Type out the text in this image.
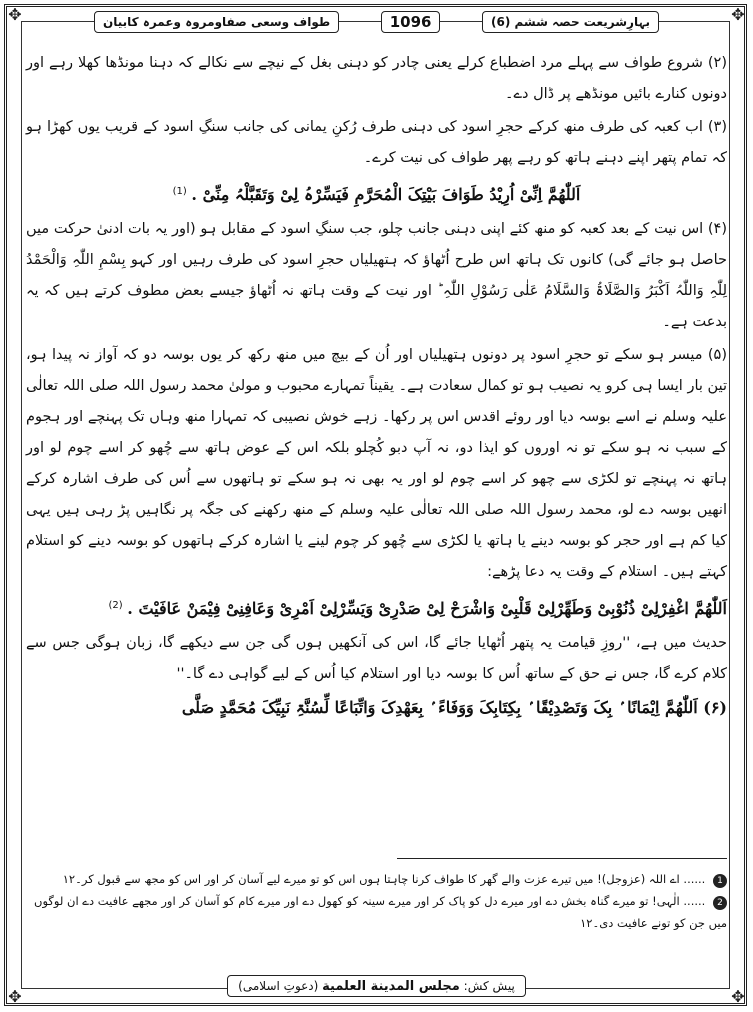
✥	✥
✥	✥
بہارِشریعت حصہ ششم (6)
1096
طواف وسعی صفاومروہ وعمرہ کابیان

(۲) شروع طواف سے پہلے مرد اضطباع کرلے یعنی چادر کو دہنی بغل کے نیچے سے نکالے کہ دہنا مونڈھا کھلا رہے اور دونوں کنارے بائیں مونڈھے پر ڈال دے۔

(۳) اب کعبہ کی طرف منھ کرکے حجرِ اسود کی دہنی طرف رُکنِ یمانی کی جانب سنگِ اسود کے قریب یوں کھڑا ہو کہ تمام پتھر اپنے دہنے ہاتھ کو رہے پھر طواف کی نیت کرے۔

اَللّٰھُمَّ اِنِّیْ اُرِیْدُ طَوَافَ بَیْتِکَ الْمُحَرَّمِ فَیَسِّرْہُ لِیْ وَتَقَبَّلْہُ مِنِّیْ . $^{(1)}$

(۴) اس نیت کے بعد کعبہ کو منھ کئے اپنی دہنی جانب چلو، جب سنگِ اسود کے مقابل ہو (اور یہ بات ادنیٰ حرکت میں حاصل ہو جائے گی) کانوں تک ہاتھ اس طرح اُٹھاؤ کہ ہتھیلیاں حجرِ اسود کی طرف رہیں اور کہو بِسْمِ اللّٰہِ وَالْحَمْدُ لِلّٰہِ وَاللّٰہُ اَکْبَرُ وَالصَّلَاۃُ وَالسَّلَامُ عَلٰی رَسُوْلِ اللّٰہِ ؕ اور نیت کے وقت ہاتھ نہ اُٹھاؤ جیسے بعض مطوف کرتے ہیں کہ یہ بدعت ہے۔

(۵) میسر ہو سکے تو حجرِ اسود پر دونوں ہتھیلیاں اور اُن کے بیچ میں منھ رکھ کر یوں بوسہ دو کہ آواز نہ پیدا ہو، تین بار ایسا ہی کرو یہ نصیب ہو تو کمال سعادت ہے۔ یقیناً تمہارے محبوب و مولیٰ محمد رسول اللہ صلی اللہ تعالٰی علیہ وسلم نے اسے بوسہ دیا اور روئے اقدس اس پر رکھا۔ زہے خوش نصیبی کہ تمہارا منھ وہاں تک پہنچے اور ہجوم کے سبب نہ ہو سکے تو نہ اوروں کو ایذا دو، نہ آپ دبو کُچلو بلکہ اس کے عوض ہاتھ سے چُھو کر اسے چوم لو اور ہاتھ نہ پہنچے تو لکڑی سے چھو کر اسے چوم لو اور یہ بھی نہ ہو سکے تو ہاتھوں سے اُس کی طرف اشارہ کرکے انھیں بوسہ دے لو، محمد رسول اللہ صلی اللہ تعالٰی علیہ وسلم کے منھ رکھنے کی جگہ پر نگاہیں پڑ رہی ہیں یہی کیا کم ہے اور حجر کو بوسہ دینے یا ہاتھ یا لکڑی سے چُھو کر چوم لینے یا اشارہ کرکے ہاتھوں کو بوسہ دینے کو استلام کہتے ہیں۔ استلام کے وقت یہ دعا پڑھے:

اَللّٰھُمَّ اغْفِرْلِیْ ذُنُوْبِیْ وَطَھِّرْلِیْ قَلْبِیْ وَاشْرَحْ لِیْ صَدْرِیْ وَیَسِّرْلِیْ اَمْرِیْ وَعَافِنِیْ فِیْمَنْ عَافَیْتَ . $^{(2)}$

حدیث میں ہے، ''روزِ قیامت یہ پتھر اُٹھایا جائے گا، اس کی آنکھیں ہوں گی جن سے دیکھے گا، زبان ہوگی جس سے کلام کرے گا، جس نے حق کے ساتھ اُس کا بوسہ دیا اور استلام کیا اُس کے لیے گواہی دے گا۔''

(۶) اَللّٰھُمَّ اِیْمَانًا ۢ بِکَ وَتَصْدِیْقًا ۢ بِکِتَابِکَ وَوَفَاءً ۢ بِعَھْدِکَ وَاتِّبَاعًا لِّسُنَّۃِ نَبِیِّکَ مُحَمَّدٍ صَلَّی

1 ...... اے اللہ (عزوجل)! میں تیرے عزت والے گھر کا طواف کرنا چاہتا ہوں اس کو تو میرے لیے آسان کر اور اس کو مجھ سے قبول کر۔۱۲

2 ...... الٰہی! تو میرے گناہ بخش دے اور میرے دل کو پاک کر اور میرے سینہ کو کھول دے اور میرے کام کو آسان کر اور مجھے عافیت دے ان لوگوں میں جن کو تونے عافیت دی۔۱۲

پیش کش: مجلس المدينة العلمية (دعوتِ اسلامی)
